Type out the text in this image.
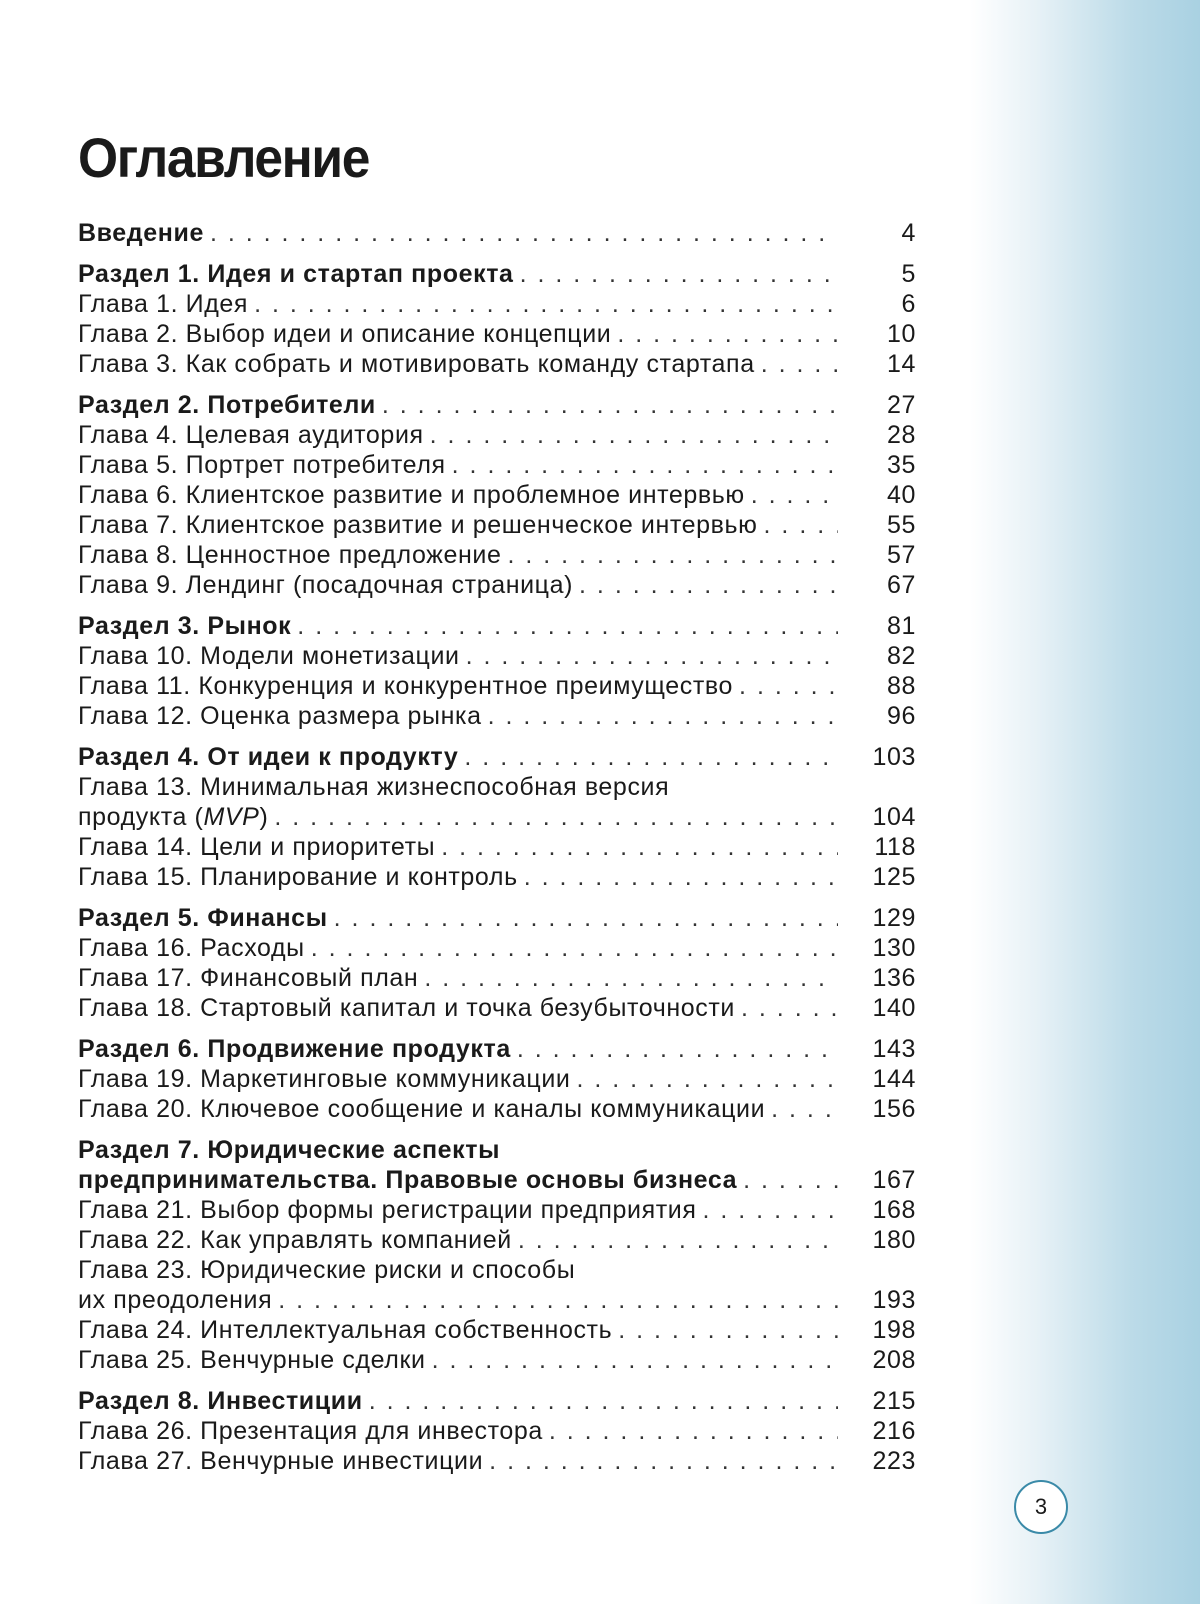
Оглавление
Введение . . .	4
Раздел 1. Идея и стартап проекта . . .	5
Глава 1. Идея . . .	6
Глава 2. Выбор идеи и описание концепции . . .	10
Глава 3. Как собрать и мотивировать команду стартапа . . .	14
Раздел 2. Потребители . . .	27
Глава 4. Целевая аудитория . . .	28
Глава 5. Портрет потребителя . . .	35
Глава 6. Клиентское развитие и проблемное интервью . . .	40
Глава 7. Клиентское развитие и решенческое интервью . . .	55
Глава 8. Ценностное предложение . . .	57
Глава 9. Лендинг (посадочная страница) . . .	67
Раздел 3. Рынок . . .	81
Глава 10. Модели монетизации . . .	82
Глава 11. Конкуренция и конкурентное преимущество . . .	88
Глава 12. Оценка размера рынка . . .	96
Раздел 4. От идеи к продукту . . .	103
Глава 13. Минимальная жизнеспособная версия
продукта (MVP) . . .	104
Глава 14. Цели и приоритеты . . .	118
Глава 15. Планирование и контроль . . .	125
Раздел 5. Финансы . . .	129
Глава 16. Расходы . . .	130
Глава 17. Финансовый план . . .	136
Глава 18. Стартовый капитал и точка безубыточности . . .	140
Раздел 6. Продвижение продукта . . .	143
Глава 19. Маркетинговые коммуникации . . .	144
Глава 20. Ключевое сообщение и каналы коммуникации . . .	156
Раздел 7. Юридические аспекты
предпринимательства. Правовые основы бизнеса . . .	167
Глава 21. Выбор формы регистрации предприятия . . .	168
Глава 22. Как управлять компанией . . .	180
Глава 23. Юридические риски и способы
их преодоления . . .	193
Глава 24. Интеллектуальная собственность . . .	198
Глава 25. Венчурные сделки . . .	208
Раздел 8. Инвестиции . . .	215
Глава 26. Презентация для инвестора . . .	216
Глава 27. Венчурные инвестиции . . .	223
3
